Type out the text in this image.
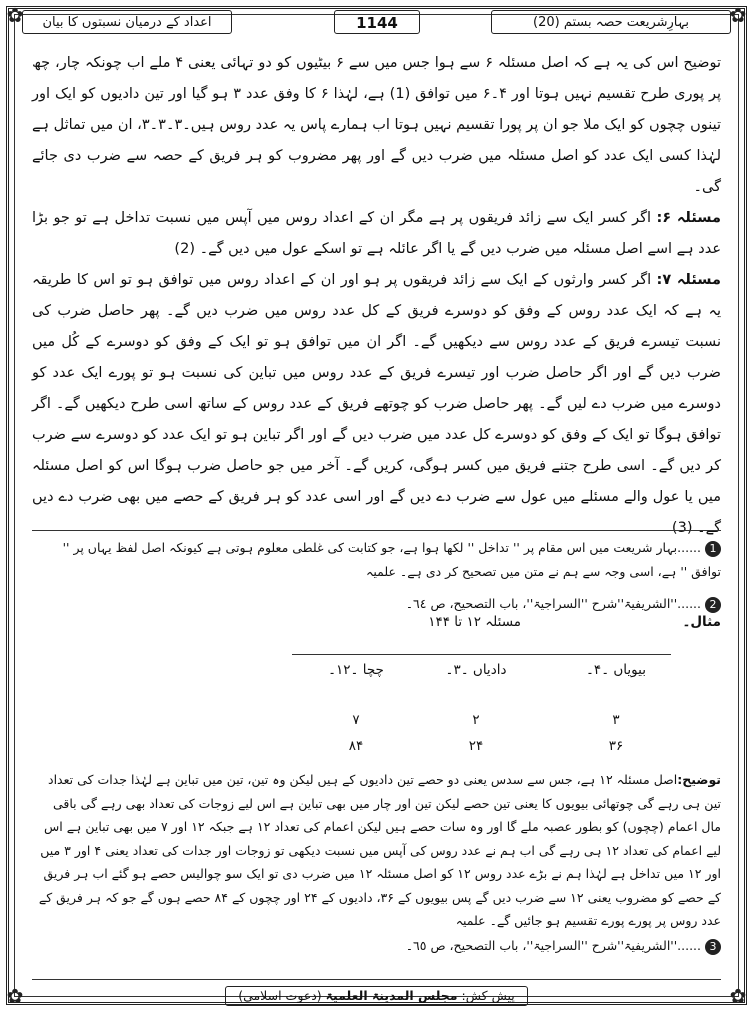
✿	✿
✿	✿
بہارِشریعت حصہ بستم (20)
1144
اعداد کے درمیان نسبتوں کا بیان

توضیح اس کی یہ ہے کہ اصل مسئلہ ۶ سے ہوا جس میں سے ۶ بیٹیوں کو دو تہائی یعنی ۴ ملے اب چونکہ چار، چھ پر پوری طرح تقسیم نہیں ہوتا اور ۴۔۶ میں توافق (1) ہے، لہٰذا ۶ کا وفق عدد ۳ ہو گیا اور تین دادیوں کو ایک اور تینوں چچوں کو ایک ملا جو ان پر پورا تقسیم نہیں ہوتا اب ہمارے پاس یہ عدد روس ہیں۔۳۔۳۔۳، ان میں تماثل ہے لہٰذا کسی ایک عدد کو اصل مسئلہ میں ضرب دیں گے اور پھر مضروب کو ہر فریق کے حصہ سے ضرب دی جائے گی۔

مسئلہ ۶: اگر کسر ایک سے زائد فریقوں پر ہے مگر ان کے اعداد روس میں آپس میں نسبت تداخل ہے تو جو بڑا عدد ہے اسے اصل مسئلہ میں ضرب دیں گے یا اگر عائلہ ہے تو اسکے عول میں دیں گے۔ (2)

مسئلہ ۷: اگر کسر وارثوں کے ایک سے زائد فریقوں پر ہو اور ان کے اعداد روس میں توافق ہو تو اس کا طریقہ یہ ہے کہ ایک عدد روس کے وفق کو دوسرے فریق کے کل عدد روس میں ضرب دیں گے۔ پھر حاصل ضرب کی نسبت تیسرے فریق کے عدد روس سے دیکھیں گے۔ اگر ان میں توافق ہو تو ایک کے وفق کو دوسرے کے کُل میں ضرب دیں گے اور اگر حاصل ضرب اور تیسرے فریق کے عدد روس میں تباین کی نسبت ہو تو پورے ایک عدد کو دوسرے میں ضرب دے لیں گے۔ پھر حاصل ضرب کو چوتھے فریق کے عدد روس کے ساتھ اسی طرح دیکھیں گے۔ اگر توافق ہوگا تو ایک کے وفق کو دوسرے کل عدد میں ضرب دیں گے اور اگر تباین ہو تو ایک عدد کو دوسرے سے ضرب کر دیں گے۔ اسی طرح جتنے فریق میں کسر ہوگی، کریں گے۔ آخر میں جو حاصل ضرب ہوگا اس کو اصل مسئلہ میں یا عول والے مسئلے میں عول سے ضرب دے دیں گے اور اسی عدد کو ہر فریق کے حصے میں بھی ضرب دے دیں گے۔ (3)

1......بہار شریعت میں اس مقام پر '' تداخل '' لکھا ہوا ہے، جو کتابت کی غلطی معلوم ہوتی ہے کیونکہ اصل لفظ یہاں پر '' توافق '' ہے، اسی وجہ سے ہم نے متن میں تصحیح کر دی ہے۔ علمیہ
2......''الشریفیۃ''شرح ''السراجیۃ''، باب التصحیح، ص ٦٤۔
مثال۔
مسئلہ ۱۲ تا ۱۴۴
بیویاں ۔۴۔
دادیاں ۔۳۔
چچا ۔۱۲۔
۳
۲
۷
۳۶
۲۴
۸۴
توضیح:اصل مسئلہ ۱۲ ہے، جس سے سدس یعنی دو حصے تین دادیوں کے ہیں لیکن وہ تین، تین میں تباین ہے لہٰذا جدات کی تعداد تین ہی رہے گی چوتھائی بیویوں کا یعنی تین حصے لیکن تین اور چار میں بھی تباین ہے اس لیے زوجات کی تعداد بھی رہے گی باقی مال اعمام (چچوں) کو بطور عصبہ ملے گا اور وہ سات حصے ہیں لیکن اعمام کی تعداد ۱۲ ہے جبکہ ۱۲ اور ۷ میں بھی تباین ہے اس لیے اعمام کی تعداد ۱۲ ہی رہے گی اب ہم نے عدد روس کی آپس میں نسبت دیکھی تو زوجات اور جدات کی تعداد یعنی ۴ اور ۳ میں اور ۱۲ میں تداخل ہے لہٰذا ہم نے بڑے عدد روس ۱۲ کو اصل مسئلہ ۱۲ میں ضرب دی تو ایک سو چوالیس حصے ہو گئے اب ہر فریق کے حصے کو مضروب یعنی ۱۲ سے ضرب دیں گے پس بیویوں کے ۳۶، دادیوں کے ۲۴ اور چچوں کے ۸۴ حصے ہوں گے جو کہ ہر فریق کے عدد روس پر پورے پورے تقسیم ہو جائیں گے۔ علمیہ
3......''الشریفیۃ''شرح ''السراجیۃ''، باب التصحیح، ص ٦٥۔
پیش کش: مجلس المدینۃ العلمیۃ (دعوت اسلامی)
